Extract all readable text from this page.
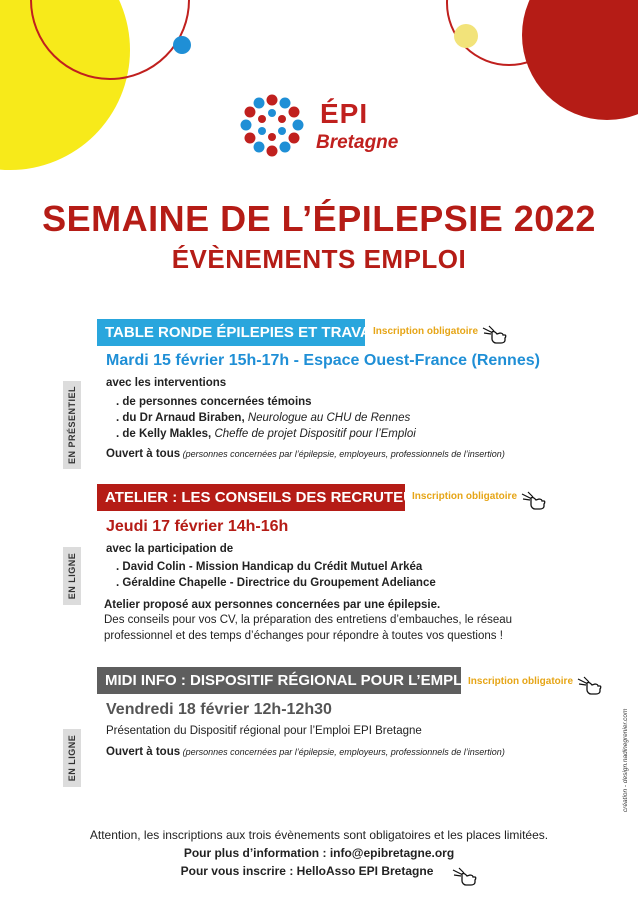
ÉPI
Bretagne
SEMAINE DE L’ÉPILEPSIE 2022
ÉVÈNEMENTS EMPLOI
TABLE RONDE ÉPILEPIES ET TRAVAIL
Inscription obligatoire
Mardi 15 février 15h-17h - Espace Ouest-France (Rennes)
EN PRÉSENTIEL
avec les interventions
. de personnes concernées témoins
. du Dr Arnaud Biraben, Neurologue au CHU de Rennes
. de Kelly Makles, Cheffe de projet Dispositif pour l’Emploi
Ouvert à tous (personnes concernées par l’épilepsie, employeurs, professionnels de l’insertion)
ATELIER : LES CONSEILS DES RECRUTEURS
Inscription obligatoire
Jeudi 17 février 14h-16h
EN LIGNE
avec la participation de
. David Colin - Mission Handicap du Crédit Mutuel Arkéa
. Géraldine Chapelle - Directrice du Groupement Adeliance
Atelier proposé aux personnes concernées par une épilepsie.
Des conseils pour vos CV, la préparation des entretiens d’embauches, le réseau
professionnel et des temps d’échanges pour répondre à toutes vos questions !
MIDI INFO : DISPOSITIF RÉGIONAL POUR L’EMPLOI
Inscription obligatoire
Vendredi 18 février 12h-12h30
EN LIGNE
Présentation du Dispositif régional pour l’Emploi EPI Bretagne
Ouvert à tous (personnes concernées par l’épilepsie, employeurs, professionnels de l’insertion)
Attention, les inscriptions aux trois évènements sont obligatoires et les places limitées.
Pour plus d’information : info@epibretagne.org
Pour vous inscrire : HelloAsso EPI Bretagne
création - design.nadinegrenier.com
